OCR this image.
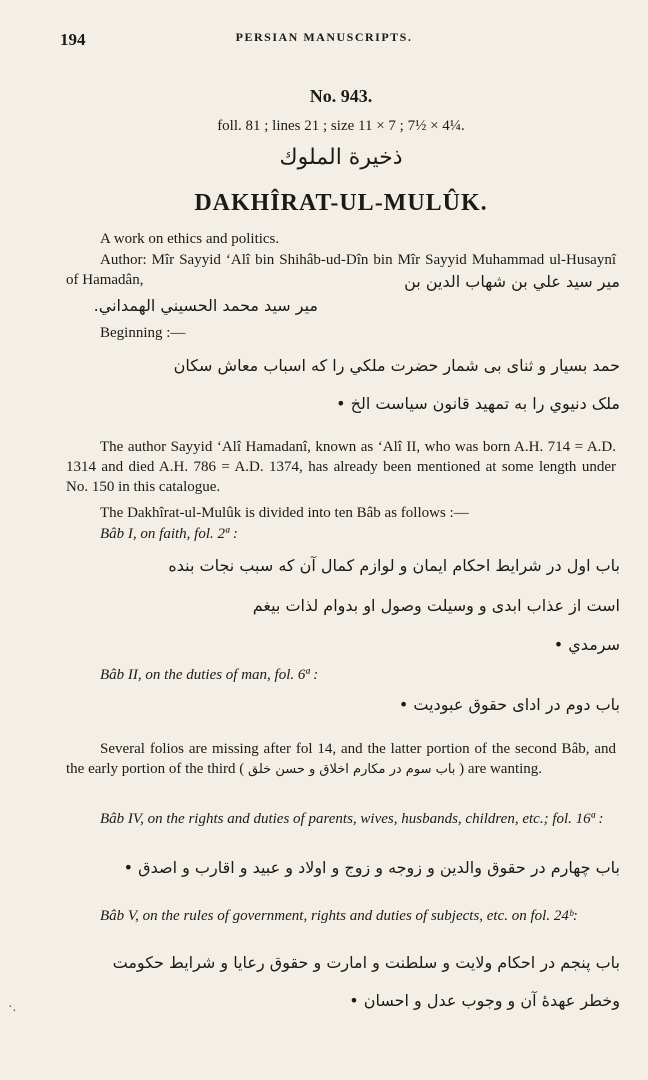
194	PERSIAN MANUSCRIPTS.
No. 943.
foll. 81 ; lines 21 ; size 11 × 7 ; 7½ × 4¼.
ذخيرة الملوك
DAKHÎRAT-UL-MULÛK.
A work on ethics and politics.
Author: Mîr Sayyid ‘Alî bin Shihâb-ud-Dîn bin Mîr Sayyid Muhammad ul-Husaynî of Hamadân,	مير سيد علي بن شهاب الدين بن
مير سيد محمد الحسيني الهمداني.
Beginning :—
حمد بسيار و ثنای بی شمار حضرت ملکي را که اسباب معاش سکان
ملک دنيوي را به تمهيد قانون سياست الخ •
The author Sayyid ‘Alî Hamadanî, known as ‘Alî II, who was born A.H. 714 = A.D. 1314 and died A.H. 786 = A.D. 1374, has already been mentioned at some length under No. 150 in this catalogue.
The Dakhîrat-ul-Mulûk is divided into ten Bâb as follows :—
Bâb I, on faith, fol. 2ª :
باب اول در شرايط احکام ايمان و لوازم کمال آن که سبب نجات بنده
است از عذاب ابدی و وسيلت وصول او بدوام لذات بيغم
سرمدي •
Bâb II, on the duties of man, fol. 6ª :
باب دوم در ادای حقوق عبوديت •
Several folios are missing after fol 14, and the latter portion of the second Bâb, and the early portion of the third ( باب سوم در مکارم اخلاق و حسن خلق ) are wanting.
Bâb IV, on the rights and duties of parents, wives, husbands, children, etc.; fol. 16ª :
باب چهارم در حقوق والدين و زوجه و زوج و اولاد و عبيد و اقارب و اصدق •
Bâb V, on the rules of government, rights and duties of subjects, etc. on fol. 24ᵇ:
باب پنجم در احکام ولايت و سلطنت و امارت و حقوق رعايا و شرايط حکومت
وخطر عهدهٔ آن و وجوب عدل و احسان •
·.
